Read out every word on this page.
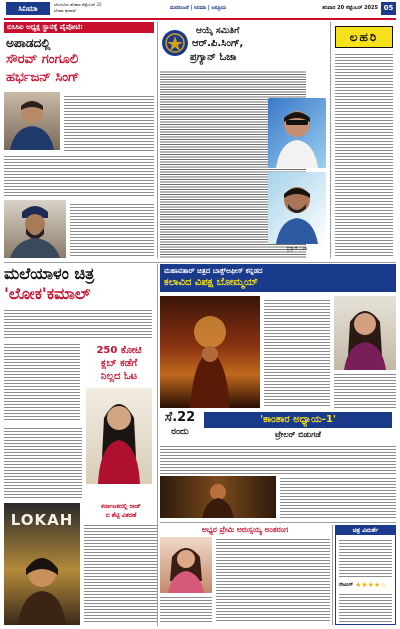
ಸಿನಿಮಾ	ಬೆಂಗಳೂರು ಶನಿವಾರ ಸೆಪ್ಟೆಂಬರ್ 20
ಸಿನಿಮಾ ಪುರವಣಿ	ಮನರಂಜನೆ | ಸಿನಿಮಾ | ಜನಪ್ರಿಯ	ಶನಿವಾರ 20 ಸೆಪ್ಟೆಂಬರ್ 2025 05
ಬಿಸಿಸಿಐ ಅಧ್ಯಕ್ಷ ಸ್ಥಾನಕ್ಕೆ ಪೈಪೋಟಿ:
ಅಪಾಡದಲ್ಲಿ
ಸೌರವ್ ಗಂಗೂಲಿ
ಹರ್ಭಜನ್ ಸಿಂಗ್
ಆಯ್ಕೆ ಸಮಿತಿಗೆ
ಆರ್.ಪಿ.ಸಿಂಗ್,
ಪ್ರಗ್ಯಾನ್ ಓಜಾ
ಪ್ರಗ್ಯಾನ್ ಓಜಾ
ಲಹರಿ
ಮಲೆಯಾಳಂ ಚಿತ್ರ
'ಲೋಕ'ಕಮಾಲ್
250 ಕೋಟಿ
ಕ್ಲಬ್ ಕಡೆಗೆ
ನಿಲ್ಲದ ಓಟ
LOKAH
ಕರ್ನಾಟಕದಲ್ಲಿ ರಾಜ್
ಬಿ ಶೆಟ್ಟಿ ವಿತರಣೆ
ಮಹಾವತಾರ್ ಚಿತ್ರದ ಬಾಕ್ಸ್‌ಆಫೀಸ್ ಕನ್ನಡದ
ಕಲಾವಿದ ವಿಪಕ್ಷ ಬೋಮ್ಮಯ್
ಸೆ.22
ರಂದು
'ಕಾಂತಾರ ಅಧ್ಯಾಯ-1'
ಟ್ರೇಲರ್ ಬಿಡುಗಡೆ
ಅಭ್ಯರ ಪ್ರೇಮಿ ಅರುಸ್ಸಯ್ಯ ಅಂತರಂಗ	ಚಿತ್ರ ವಿಮರ್ಶೆ
ರೇಟಿಂಗ್ ★★★★☆
